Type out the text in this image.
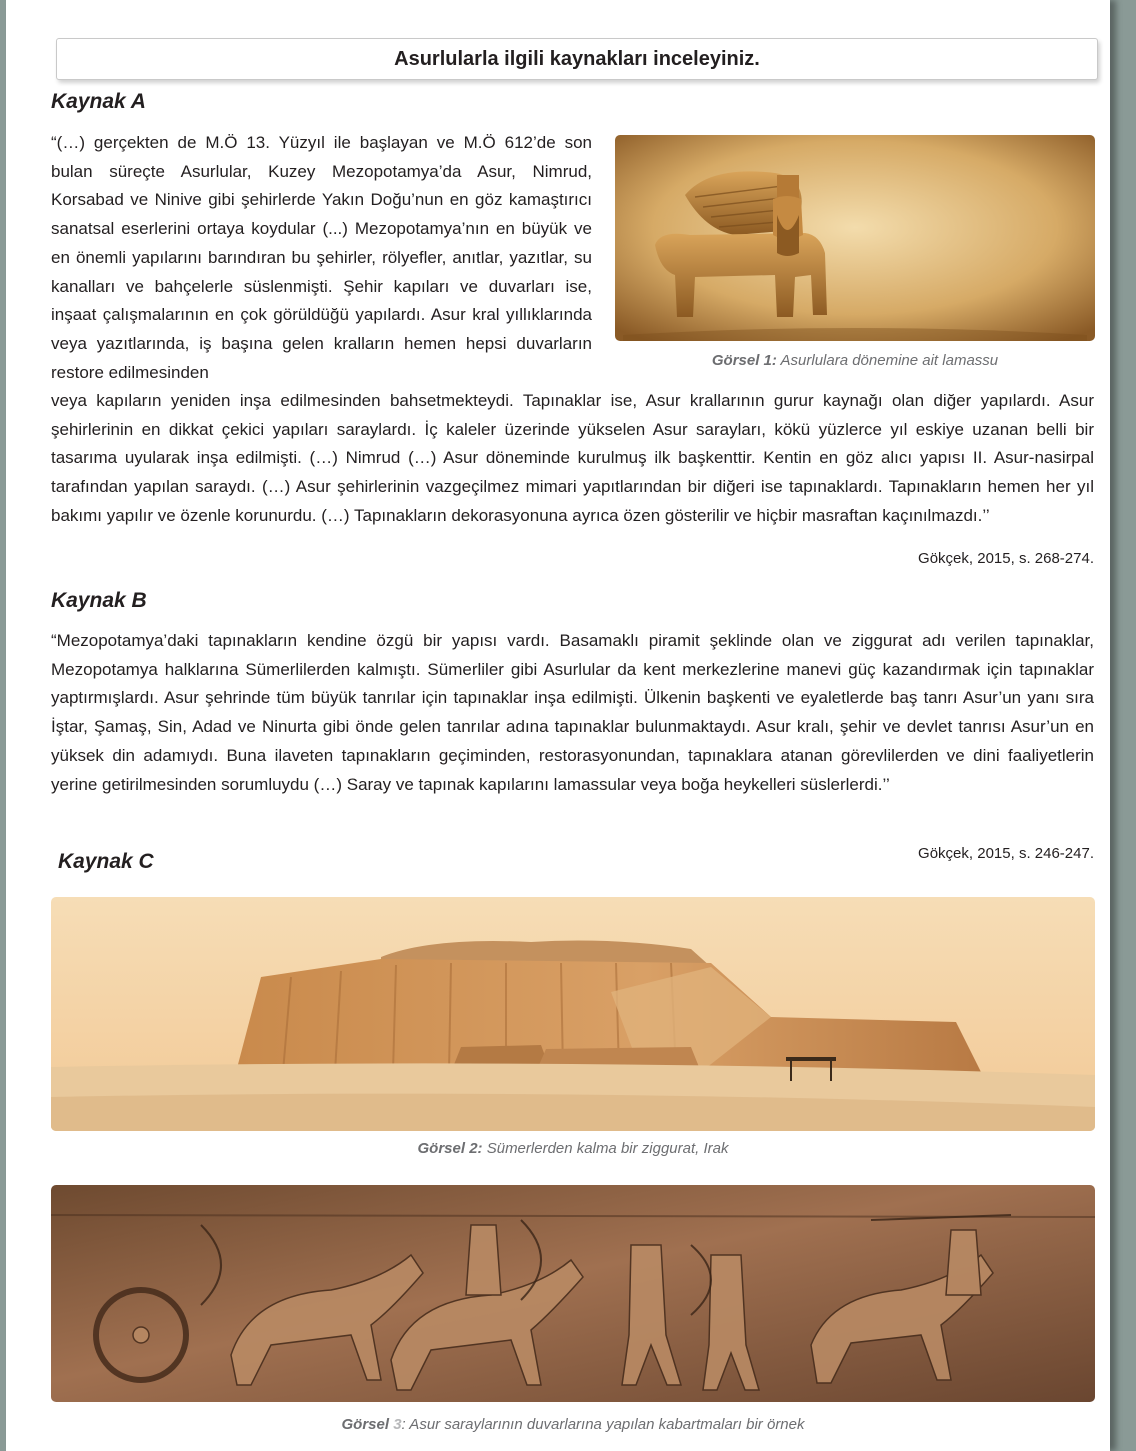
Asurlularla ilgili kaynakları inceleyiniz.
Kaynak A

“(…) gerçekten de M.Ö 13. Yüzyıl ile başlayan ve M.Ö 612’de son bulan süreçte Asurlular, Kuzey Mezopotamya’da Asur, Nimrud, Korsabad ve Ninive gibi şehirlerde Yakın Doğu’nun en göz kamaştırıcı sanatsal eserlerini ortaya koydular (...) Mezopotamya’nın en büyük ve en önemli yapılarını barındıran bu şehirler, rölyefler, anıtlar, yazıtlar, su kanalları ve bahçelerle süslenmişti. Şehir kapıları ve duvarları ise, inşaat çalışmalarının en çok görüldüğü yapılardı. Asur kral yıllıklarında veya yazıtlarında, iş başına gelen kralların hemen hepsi duvarların restore edilmesinden

Görsel 1: Asurlulara dönemine ait lamassu

veya kapıların yeniden inşa edilmesinden bahsetmekteydi. Tapınaklar ise, Asur krallarının gurur kaynağı olan diğer yapılardı. Asur şehirlerinin en dikkat çekici yapıları saraylardı. İç kaleler üzerinde yükselen Asur sarayları, kökü yüzlerce yıl eskiye uzanan belli bir tasarıma uyularak inşa edilmişti. (…) Nimrud (…) Asur döneminde kurulmuş ilk başkenttir. Kentin en göz alıcı yapısı II. Asur-nasirpal tarafından yapılan saraydı. (…) Asur şehirlerinin vazgeçilmez mimari yapıtlarından bir diğeri ise tapınaklardı. Tapınakların hemen her yıl bakımı yapılır ve özenle korunurdu. (…) Tapınakların dekorasyonuna ayrıca özen gösterilir ve hiçbir masraftan kaçınılmazdı.’’

Gökçek, 2015, s. 268-274.
Kaynak B

“Mezopotamya’daki tapınakların kendine özgü bir yapısı vardı. Basamaklı piramit şeklinde olan ve ziggurat adı verilen tapınaklar, Mezopotamya halklarına Sümerlilerden kalmıştı. Sümerliler gibi Asurlular da kent merkezlerine manevi güç kazandırmak için tapınaklar yaptırmışlardı. Asur şehrinde tüm büyük tanrılar için tapınaklar inşa edilmişti. Ülkenin başkenti ve eyaletlerde baş tanrı Asur’un yanı sıra İştar, Şamaş, Sin, Adad ve Ninurta gibi önde gelen tanrılar adına tapınaklar bulunmaktaydı. Asur kralı, şehir ve devlet tanrısı Asur’un en yüksek din adamıydı. Buna ilaveten tapınakların geçiminden, restorasyonundan, tapınaklara atanan görevlilerden ve dini faaliyetlerin yerine getirilmesinden sorumluydu (…) Saray ve tapınak kapılarını lamassular veya boğa heykelleri süslerlerdi.’’

Gökçek, 2015, s. 246-247.
Kaynak C
Görsel 2: Sümerlerden kalma bir ziggurat, Irak
Görsel 3: Asur saraylarının duvarlarına yapılan kabartmaları bir örnek
